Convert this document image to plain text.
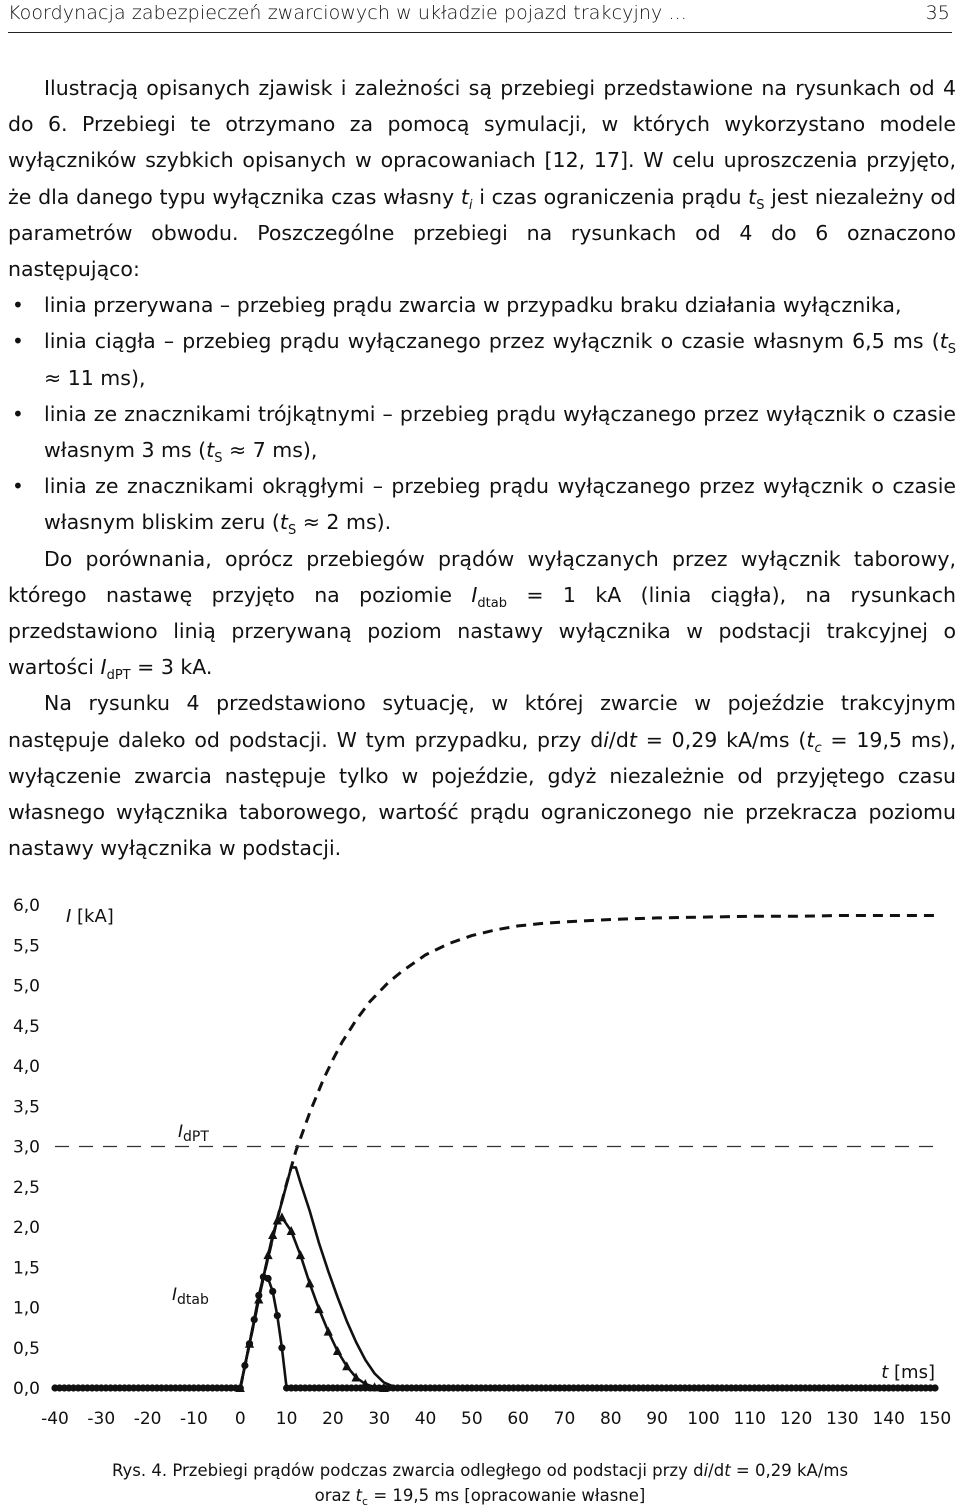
Koordynacja zabezpieczeń zwarciowych w układzie pojazd trakcyjny ...	35

Ilustracją opisanych zjawisk i zależności są przebiegi przedstawione na rysunkach od 4 do 6. Przebiegi te otrzymano za pomocą symulacji, w których wykorzystano modele wyłączników szybkich opisanych w opracowaniach [12, 17]. W celu uproszczenia przyjęto, że dla danego typu wyłącznika czas własny $t_i$ i czas ograniczenia prądu $t_S$ jest niezależny od parametrów obwodu. Poszczególne przebiegi na rysunkach od 4 do 6 oznaczono następująco:

• linia przerywana – przebieg prądu zwarcia w przypadku braku działania wyłącznika,
• linia ciągła – przebieg prądu wyłączanego przez wyłącznik o czasie własnym 6,5 ms ($t_S \approx 11$ ms),
• linia ze znacznikami trójkątnymi – przebieg prądu wyłączanego przez wyłącznik o czasie własnym 3 ms ($t_S \approx 7$ ms),
• linia ze znacznikami okrągłymi – przebieg prądu wyłączanego przez wyłącznik o czasie własnym bliskim zeru ($t_S \approx 2$ ms).

Do porównania, oprócz przebiegów prądów wyłączanych przez wyłącznik taborowy, którego nastawę przyjęto na poziomie $I_{dtab} = 1$ kA (linia ciągła), na rysunkach przedstawiono linią przerywaną poziom nastawy wyłącznika w podstacji trakcyjnej o wartości $I_{dPT} = 3$ kA.

Na rysunku 4 przedstawiono sytuację, w której zwarcie w pojeździe trakcyjnym następuje daleko od podstacji. W tym przypadku, przy di/dt = 0,29 kA/ms ($t_c = 19,5$ ms), wyłączenie zwarcia następuje tylko w pojeździe, gdyż niezależnie od przyjętego czasu własnego wyłącznika taborowego, wartość prądu ograniczonego nie przekracza poziomu nastawy wyłącznika w podstacji.

0,0
0,5
1,0
1,5
2,0
2,5
3,0
3,5
4,0
4,5
5,0
5,5
6,0
-40 -30 -20 -10 0 10 20 30 40 50 60 70 80 90 100 110 120 130 140 150
I [kA]
t [ms]
$I_{dPT}$
$I_{dtab}$
Rys. 4. Przebiegi prądów podczas zwarcia odległego od podstacji przy di/dt = 0,29 kA/ms
oraz $t_c = 19,5$ ms [opracowanie własne]
